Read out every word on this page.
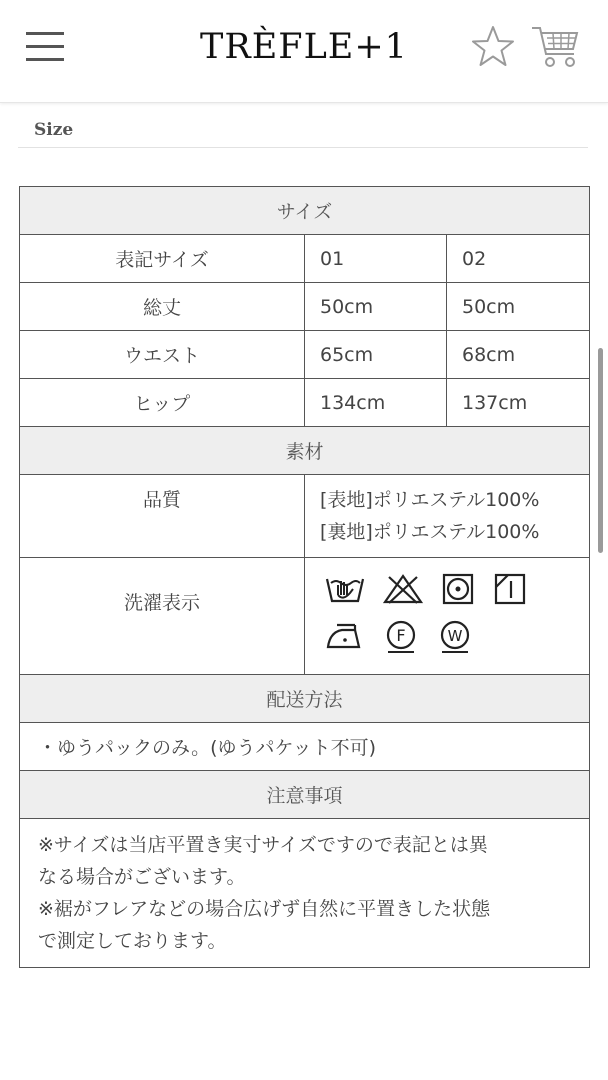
TRÈFLE+1
Size
サイズ		
表記サイズ	01	02
総丈	50cm	50cm
ウエスト	65cm	68cm
ヒップ	134cm	137cm
素材		
品質	[表地]ポリエステル100%
[裏地]ポリエステル100%	

洗濯表示	F W	

配送方法		
・ゆうパックのみ。(ゆうパケット不可)		
注意事項		

※サイズは当店平置き実寸サイズですので表記とは異
なる場合がございます。
※裾がフレアなどの場合広げず自然に平置きした状態
で測定しております。		
